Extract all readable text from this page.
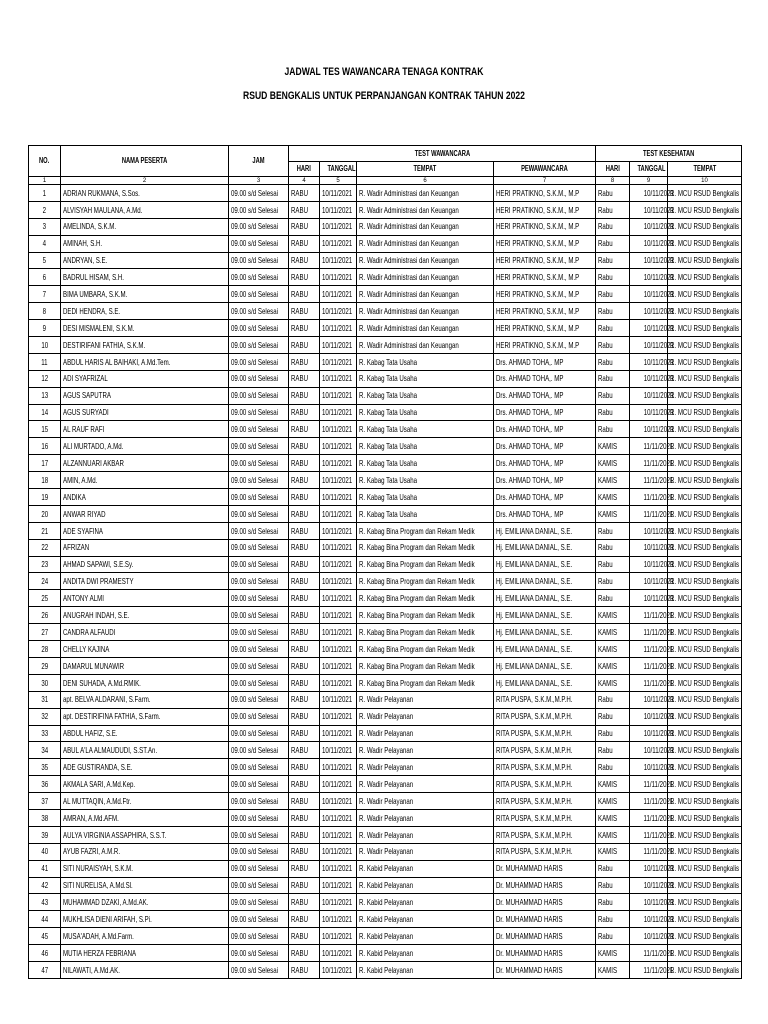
JADWAL TES WAWANCARA TENAGA KONTRAK
RSUD BENGKALIS UNTUK PERPANJANGAN KONTRAK TAHUN 2022
NO.	NAMA PESERTA	JAM	TEST WAWANCARA				TEST KESEHATAN		
			HARI	TANGGAL	TEMPAT	PEWAWANCARA	HARI	TANGGAL	TEMPAT
1	2	3	4	5	6	7	8	9	10
1	ADRIAN RUKMANA, S.Sos.	09.00 s/d Selesai	RABU	10/11/2021	R. Wadir Administrasi dan Keuangan	HERI PRATIKNO, S.K.M., M.P	Rabu	10/11/2021	R. MCU RSUD Bengkalis
2	ALVISYAH MAULANA, A.Md.	09.00 s/d Selesai	RABU	10/11/2021	R. Wadir Administrasi dan Keuangan	HERI PRATIKNO, S.K.M., M.P	Rabu	10/11/2021	R. MCU RSUD Bengkalis
3	AMELINDA, S.K.M.	09.00 s/d Selesai	RABU	10/11/2021	R. Wadir Administrasi dan Keuangan	HERI PRATIKNO, S.K.M., M.P	Rabu	10/11/2021	R. MCU RSUD Bengkalis
4	AMINAH, S.H.	09.00 s/d Selesai	RABU	10/11/2021	R. Wadir Administrasi dan Keuangan	HERI PRATIKNO, S.K.M., M.P	Rabu	10/11/2021	R. MCU RSUD Bengkalis
5	ANDRYAN, S.E.	09.00 s/d Selesai	RABU	10/11/2021	R. Wadir Administrasi dan Keuangan	HERI PRATIKNO, S.K.M., M.P	Rabu	10/11/2021	R. MCU RSUD Bengkalis
6	BADRUL HISAM, S.H.	09.00 s/d Selesai	RABU	10/11/2021	R. Wadir Administrasi dan Keuangan	HERI PRATIKNO, S.K.M., M.P	Rabu	10/11/2021	R. MCU RSUD Bengkalis
7	BIMA UMBARA, S.K.M.	09.00 s/d Selesai	RABU	10/11/2021	R. Wadir Administrasi dan Keuangan	HERI PRATIKNO, S.K.M., M.P	Rabu	10/11/2021	R. MCU RSUD Bengkalis
8	DEDI HENDRA, S.E.	09.00 s/d Selesai	RABU	10/11/2021	R. Wadir Administrasi dan Keuangan	HERI PRATIKNO, S.K.M., M.P	Rabu	10/11/2021	R. MCU RSUD Bengkalis
9	DESI MISMALENI, S.K.M.	09.00 s/d Selesai	RABU	10/11/2021	R. Wadir Administrasi dan Keuangan	HERI PRATIKNO, S.K.M., M.P	Rabu	10/11/2021	R. MCU RSUD Bengkalis
10	DESTIRIFANI FATHIA, S.K.M.	09.00 s/d Selesai	RABU	10/11/2021	R. Wadir Administrasi dan Keuangan	HERI PRATIKNO, S.K.M., M.P	Rabu	10/11/2021	R. MCU RSUD Bengkalis
11	ABDUL HARIS AL BAIHAKI, A.Md.Tem.	09.00 s/d Selesai	RABU	10/11/2021	R. Kabag Tata Usaha	Drs. AHMAD TOHA,. MP	Rabu	10/11/2021	R. MCU RSUD Bengkalis
12	ADI SYAFRIZAL	09.00 s/d Selesai	RABU	10/11/2021	R. Kabag Tata Usaha	Drs. AHMAD TOHA,. MP	Rabu	10/11/2021	R. MCU RSUD Bengkalis
13	AGUS SAPUTRA	09.00 s/d Selesai	RABU	10/11/2021	R. Kabag Tata Usaha	Drs. AHMAD TOHA,. MP	Rabu	10/11/2021	R. MCU RSUD Bengkalis
14	AGUS SURYADI	09.00 s/d Selesai	RABU	10/11/2021	R. Kabag Tata Usaha	Drs. AHMAD TOHA,. MP	Rabu	10/11/2021	R. MCU RSUD Bengkalis
15	AL RAUF RAFI	09.00 s/d Selesai	RABU	10/11/2021	R. Kabag Tata Usaha	Drs. AHMAD TOHA,. MP	Rabu	10/11/2021	R. MCU RSUD Bengkalis
16	ALI MURTADO, A.Md.	09.00 s/d Selesai	RABU	10/11/2021	R. Kabag Tata Usaha	Drs. AHMAD TOHA,. MP	KAMIS	11/11/2021	R. MCU RSUD Bengkalis
17	ALZANNUARI AKBAR	09.00 s/d Selesai	RABU	10/11/2021	R. Kabag Tata Usaha	Drs. AHMAD TOHA,. MP	KAMIS	11/11/2021	R. MCU RSUD Bengkalis
18	AMIN, A.Md.	09.00 s/d Selesai	RABU	10/11/2021	R. Kabag Tata Usaha	Drs. AHMAD TOHA,. MP	KAMIS	11/11/2021	R. MCU RSUD Bengkalis
19	ANDIKA	09.00 s/d Selesai	RABU	10/11/2021	R. Kabag Tata Usaha	Drs. AHMAD TOHA,. MP	KAMIS	11/11/2021	R. MCU RSUD Bengkalis
20	ANWAR RIYAD	09.00 s/d Selesai	RABU	10/11/2021	R. Kabag Tata Usaha	Drs. AHMAD TOHA,. MP	KAMIS	11/11/2021	R. MCU RSUD Bengkalis
21	ADE SYAFINA	09.00 s/d Selesai	RABU	10/11/2021	R. Kabag Bina Program dan Rekam Medik	Hj. EMILIANA DANIAL, S.E.	Rabu	10/11/2021	R. MCU RSUD Bengkalis
22	AFRIZAN	09.00 s/d Selesai	RABU	10/11/2021	R. Kabag Bina Program dan Rekam Medik	Hj. EMILIANA DANIAL, S.E.	Rabu	10/11/2021	R. MCU RSUD Bengkalis
23	AHMAD SAPAWI, S.E.Sy.	09.00 s/d Selesai	RABU	10/11/2021	R. Kabag Bina Program dan Rekam Medik	Hj. EMILIANA DANIAL, S.E.	Rabu	10/11/2021	R. MCU RSUD Bengkalis
24	ANDITA DWI PRAMESTY	09.00 s/d Selesai	RABU	10/11/2021	R. Kabag Bina Program dan Rekam Medik	Hj. EMILIANA DANIAL, S.E.	Rabu	10/11/2021	R. MCU RSUD Bengkalis
25	ANTONY ALMI	09.00 s/d Selesai	RABU	10/11/2021	R. Kabag Bina Program dan Rekam Medik	Hj. EMILIANA DANIAL, S.E.	Rabu	10/11/2021	R. MCU RSUD Bengkalis
26	ANUGRAH INDAH, S.E.	09.00 s/d Selesai	RABU	10/11/2021	R. Kabag Bina Program dan Rekam Medik	Hj. EMILIANA DANIAL, S.E.	KAMIS	11/11/2021	R. MCU RSUD Bengkalis
27	CANDRA ALFAUDI	09.00 s/d Selesai	RABU	10/11/2021	R. Kabag Bina Program dan Rekam Medik	Hj. EMILIANA DANIAL, S.E.	KAMIS	11/11/2021	R. MCU RSUD Bengkalis
28	CHELLY KAJINA	09.00 s/d Selesai	RABU	10/11/2021	R. Kabag Bina Program dan Rekam Medik	Hj. EMILIANA DANIAL, S.E.	KAMIS	11/11/2021	R. MCU RSUD Bengkalis
29	DAMARUL MUNAWIR	09.00 s/d Selesai	RABU	10/11/2021	R. Kabag Bina Program dan Rekam Medik	Hj. EMILIANA DANIAL, S.E.	KAMIS	11/11/2021	R. MCU RSUD Bengkalis
30	DENI SUHADA, A.Md.RMIK.	09.00 s/d Selesai	RABU	10/11/2021	R. Kabag Bina Program dan Rekam Medik	Hj. EMILIANA DANIAL, S.E.	KAMIS	11/11/2021	R. MCU RSUD Bengkalis
31	apt. BELVA ALDARANI, S.Farm.	09.00 s/d Selesai	RABU	10/11/2021	R. Wadir Pelayanan	RITA PUSPA, S.K.M.,M.P.H.	Rabu	10/11/2021	R. MCU RSUD Bengkalis
32	apt. DESTIRIFINA FATHIA, S.Farm.	09.00 s/d Selesai	RABU	10/11/2021	R. Wadir Pelayanan	RITA PUSPA, S.K.M.,M.P.H.	Rabu	10/11/2021	R. MCU RSUD Bengkalis
33	ABDUL HAFIZ, S.E.	09.00 s/d Selesai	RABU	10/11/2021	R. Wadir Pelayanan	RITA PUSPA, S.K.M.,M.P.H.	Rabu	10/11/2021	R. MCU RSUD Bengkalis
34	ABUL A'LA ALMAUDUDI, S.ST.An.	09.00 s/d Selesai	RABU	10/11/2021	R. Wadir Pelayanan	RITA PUSPA, S.K.M.,M.P.H.	Rabu	10/11/2021	R. MCU RSUD Bengkalis
35	ADE GUSTIRANDA, S.E.	09.00 s/d Selesai	RABU	10/11/2021	R. Wadir Pelayanan	RITA PUSPA, S.K.M.,M.P.H.	Rabu	10/11/2021	R. MCU RSUD Bengkalis
36	AKMALA SARI, A.Md.Kep.	09.00 s/d Selesai	RABU	10/11/2021	R. Wadir Pelayanan	RITA PUSPA, S.K.M.,M.P.H.	KAMIS	11/11/2021	R. MCU RSUD Bengkalis
37	AL MUTTAQIN, A.Md.Ftr.	09.00 s/d Selesai	RABU	10/11/2021	R. Wadir Pelayanan	RITA PUSPA, S.K.M.,M.P.H.	KAMIS	11/11/2021	R. MCU RSUD Bengkalis
38	AMRAN, A.Md.AFM.	09.00 s/d Selesai	RABU	10/11/2021	R. Wadir Pelayanan	RITA PUSPA, S.K.M.,M.P.H.	KAMIS	11/11/2021	R. MCU RSUD Bengkalis
39	AULYA VIRGINIA ASSAPHIRA, S.S.T.	09.00 s/d Selesai	RABU	10/11/2021	R. Wadir Pelayanan	RITA PUSPA, S.K.M.,M.P.H.	KAMIS	11/11/2021	R. MCU RSUD Bengkalis
40	AYUB FAZRI, A.M.R.	09.00 s/d Selesai	RABU	10/11/2021	R. Wadir Pelayanan	RITA PUSPA, S.K.M.,M.P.H.	KAMIS	11/11/2021	R. MCU RSUD Bengkalis
41	SITI NURAISYAH, S.K.M.	09.00 s/d Selesai	RABU	10/11/2021	R. Kabid Pelayanan	Dr. MUHAMMAD HARIS	Rabu	10/11/2021	R. MCU RSUD Bengkalis
42	SITI NURELISA, A.Md.Sl.	09.00 s/d Selesai	RABU	10/11/2021	R. Kabid Pelayanan	Dr. MUHAMMAD HARIS	Rabu	10/11/2021	R. MCU RSUD Bengkalis
43	MUHAMMAD DZAKI, A.Md.AK.	09.00 s/d Selesai	RABU	10/11/2021	R. Kabid Pelayanan	Dr. MUHAMMAD HARIS	Rabu	10/11/2021	R. MCU RSUD Bengkalis
44	MUKHLISA DIENI ARIFAH, S.Pi.	09.00 s/d Selesai	RABU	10/11/2021	R. Kabid Pelayanan	Dr. MUHAMMAD HARIS	Rabu	10/11/2021	R. MCU RSUD Bengkalis
45	MUSA'ADAH, A.Md.Farm.	09.00 s/d Selesai	RABU	10/11/2021	R. Kabid Pelayanan	Dr. MUHAMMAD HARIS	Rabu	10/11/2021	R. MCU RSUD Bengkalis
46	MUTIA HERZA FEBRIANA	09.00 s/d Selesai	RABU	10/11/2021	R. Kabid Pelayanan	Dr. MUHAMMAD HARIS	KAMIS	11/11/2021	R. MCU RSUD Bengkalis
47	NILAWATI, A.Md.AK.	09.00 s/d Selesai	RABU	10/11/2021	R. Kabid Pelayanan	Dr. MUHAMMAD HARIS	KAMIS	11/11/2021	R. MCU RSUD Bengkalis
